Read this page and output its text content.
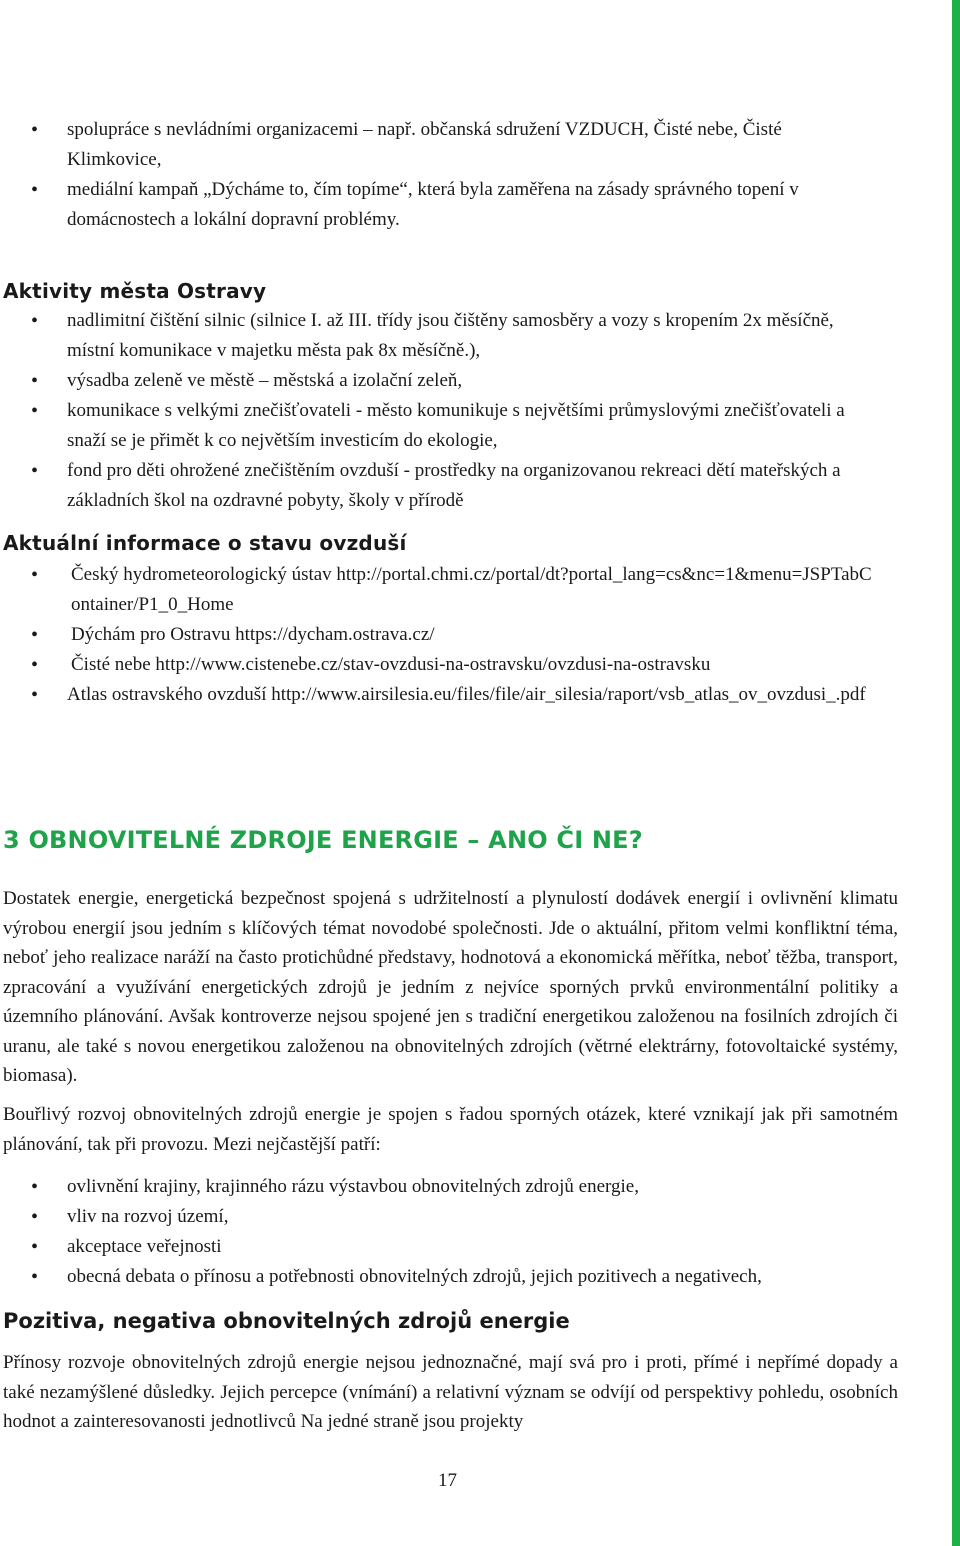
• spolupráce s nevládními organizacemi – např. občanská sdružení VZDUCH, Čisté nebe, Čisté Klimkovice,
• mediální kampaň „Dýcháme to, čím topíme“, která byla zaměřena na zásady správného topení v domácnostech a lokální dopravní problémy.
Aktivity města Ostravy
• nadlimitní čištění silnic (silnice I. až III. třídy jsou čištěny samosběry a vozy s kropením 2x měsíčně, místní komunikace v majetku města pak 8x měsíčně.),
• výsadba zeleně ve městě – městská a izolační zeleň,
• komunikace s velkými znečišťovateli - město komunikuje s největšími průmyslovými znečišťovateli a snaží se je přimět k co největším investicím do ekologie,
• fond pro děti ohrožené znečištěním ovzduší - prostředky na organizovanou rekreaci dětí mateřských a základních škol na ozdravné pobyty, školy v přírodě
Aktuální informace o stavu ovzduší
• Český hydrometeorologický ústav http://portal.chmi.cz/portal/dt?portal_lang=cs&nc=1&menu=JSPTabContainer/P1_0_Home
• Dýchám pro Ostravu https://dycham.ostrava.cz/
• Čisté nebe http://www.cistenebe.cz/stav-ovzdusi-na-ostravsku/ovzdusi-na-ostravsku
• Atlas ostravského ovzduší http://www.airsilesia.eu/files/file/air_silesia/raport/vsb_atlas_ov_ovzdusi_.pdf
3 OBNOVITELNÉ ZDROJE ENERGIE – ANO ČI NE?
Dostatek energie, energetická bezpečnost spojená s udržitelností a plynulostí dodávek energií i ovlivnění klimatu výrobou energií jsou jedním s klíčových témat novodobé společnosti. Jde o aktuální, přitom velmi konfliktní téma, neboť jeho realizace naráží na často protichůdné představy, hodnotová a ekonomická měřítka, neboť těžba, transport, zpracování a využívání energetických zdrojů je jedním z nejvíce sporných prvků environmentální politiky a územního plánování. Avšak kontroverze nejsou spojené jen s tradiční energetikou založenou na fosilních zdrojích či uranu, ale také s novou energetikou založenou na obnovitelných zdrojích (větrné elektrárny, fotovoltaické systémy, biomasa).
Bouřlivý rozvoj obnovitelných zdrojů energie je spojen s řadou sporných otázek, které vznikají jak při samotném plánování, tak při provozu. Mezi nejčastější patří:
• ovlivnění krajiny, krajinného rázu výstavbou obnovitelných zdrojů energie,
• vliv na rozvoj území,
• akceptace veřejnosti
• obecná debata o přínosu a potřebnosti obnovitelných zdrojů, jejich pozitivech a negativech,
Pozitiva, negativa obnovitelných zdrojů energie
Přínosy rozvoje obnovitelných zdrojů energie nejsou jednoznačné, mají svá pro i proti, přímé i nepřímé dopady a také nezamýšlené důsledky. Jejich percepce (vnímání) a relativní význam se odvíjí od perspektivy pohledu, osobních hodnot a zainteresovanosti jednotlivců Na jedné straně jsou projekty
17
